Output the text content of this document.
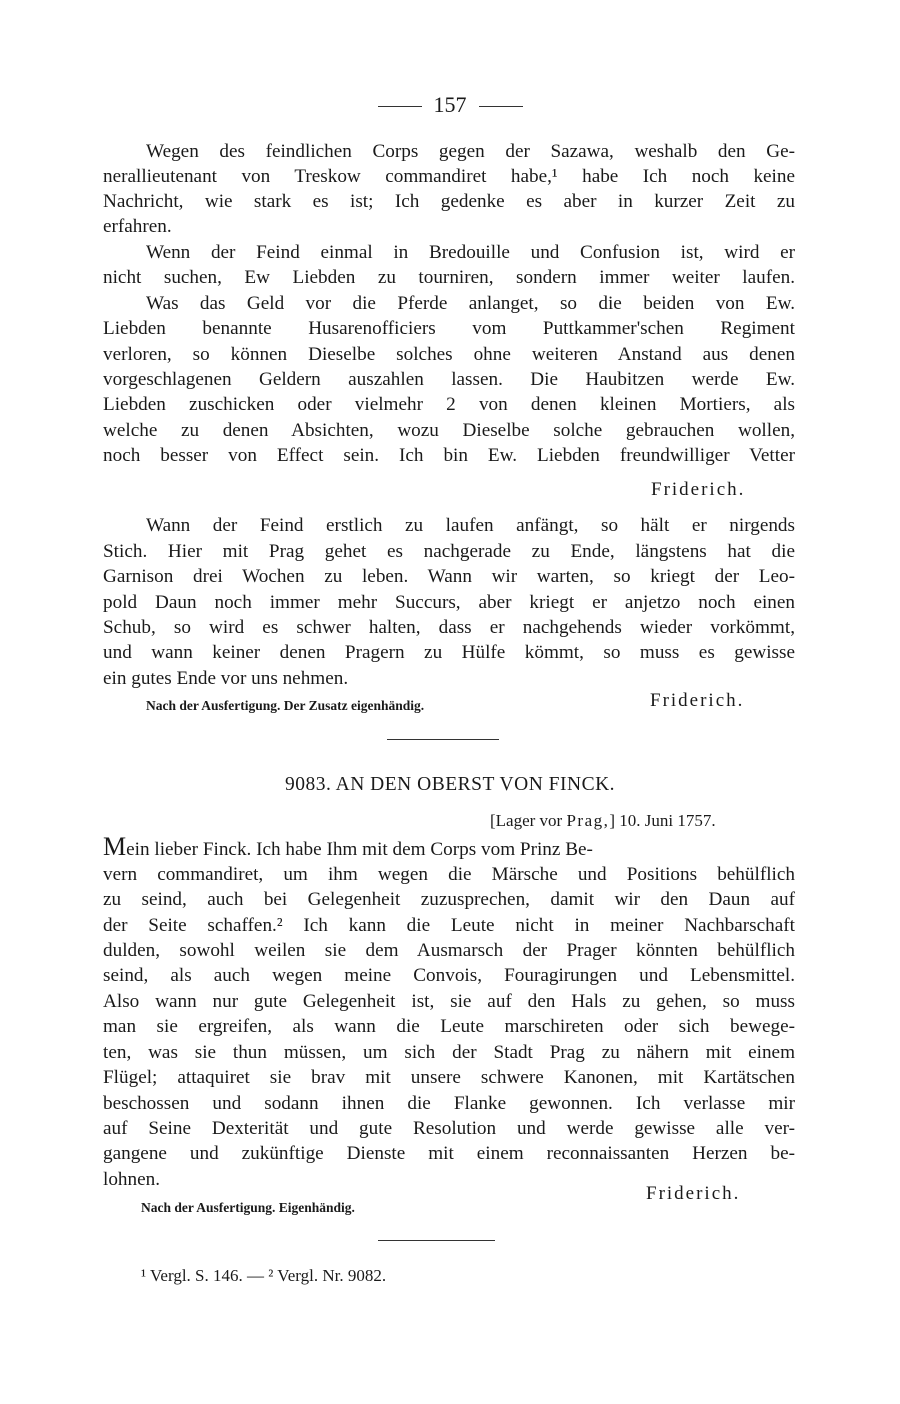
157
Wegen des feindlichen Corps gegen der Sazawa, weshalb den Ge-
nerallieutenant von Treskow commandiret habe,¹ habe Ich noch keine
Nachricht, wie stark es ist; Ich gedenke es aber in kurzer Zeit zu
erfahren.
Wenn der Feind einmal in Bredouille und Confusion ist, wird er
nicht suchen, Ew Liebden zu tourniren, sondern immer weiter laufen.
Was das Geld vor die Pferde anlanget, so die beiden von Ew.
Liebden benannte Husarenofficiers vom Puttkammer'schen Regiment
verloren, so können Dieselbe solches ohne weiteren Anstand aus denen
vorgeschlagenen Geldern auszahlen lassen. Die Haubitzen werde Ew.
Liebden zuschicken oder vielmehr 2 von denen kleinen Mortiers, als
welche zu denen Absichten, wozu Dieselbe solche gebrauchen wollen,
noch besser von Effect sein. Ich bin Ew. Liebden freundwilliger Vetter
Friderich.
Wann der Feind erstlich zu laufen anfängt, so hält er nirgends
Stich. Hier mit Prag gehet es nachgerade zu Ende, längstens hat die
Garnison drei Wochen zu leben. Wann wir warten, so kriegt der Leo-
pold Daun noch immer mehr Succurs, aber kriegt er anjetzo noch einen
Schub, so wird es schwer halten, dass er nachgehends wieder vorkömmt,
und wann keiner denen Pragern zu Hülfe kömmt, so muss es gewisse
ein gutes Ende vor uns nehmen.
Nach der Ausfertigung. Der Zusatz eigenhändig.	Friderich.
9083. AN DEN OBERST VON FINCK.
[Lager vor Prag,] 10. Juni 1757.
Mein lieber Finck. Ich habe Ihm mit dem Corps vom Prinz Be-
vern commandiret, um ihm wegen die Märsche und Positions behülflich
zu seind, auch bei Gelegenheit zuzusprechen, damit wir den Daun auf
der Seite schaffen.² Ich kann die Leute nicht in meiner Nachbarschaft
dulden, sowohl weilen sie dem Ausmarsch der Prager könnten behülflich
seind, als auch wegen meine Convois, Fouragirungen und Lebensmittel.
Also wann nur gute Gelegenheit ist, sie auf den Hals zu gehen, so muss
man sie ergreifen, als wann die Leute marschireten oder sich bewege-
ten, was sie thun müssen, um sich der Stadt Prag zu nähern mit einem
Flügel; attaquiret sie brav mit unsere schwere Kanonen, mit Kartätschen
beschossen und sodann ihnen die Flanke gewonnen. Ich verlasse mir
auf Seine Dexterität und gute Resolution und werde gewisse alle ver-
gangene und zukünftige Dienste mit einem reconnaissanten Herzen be-
lohnen.
Friderich.
Nach der Ausfertigung. Eigenhändig.
¹ Vergl. S. 146. — ² Vergl. Nr. 9082.
